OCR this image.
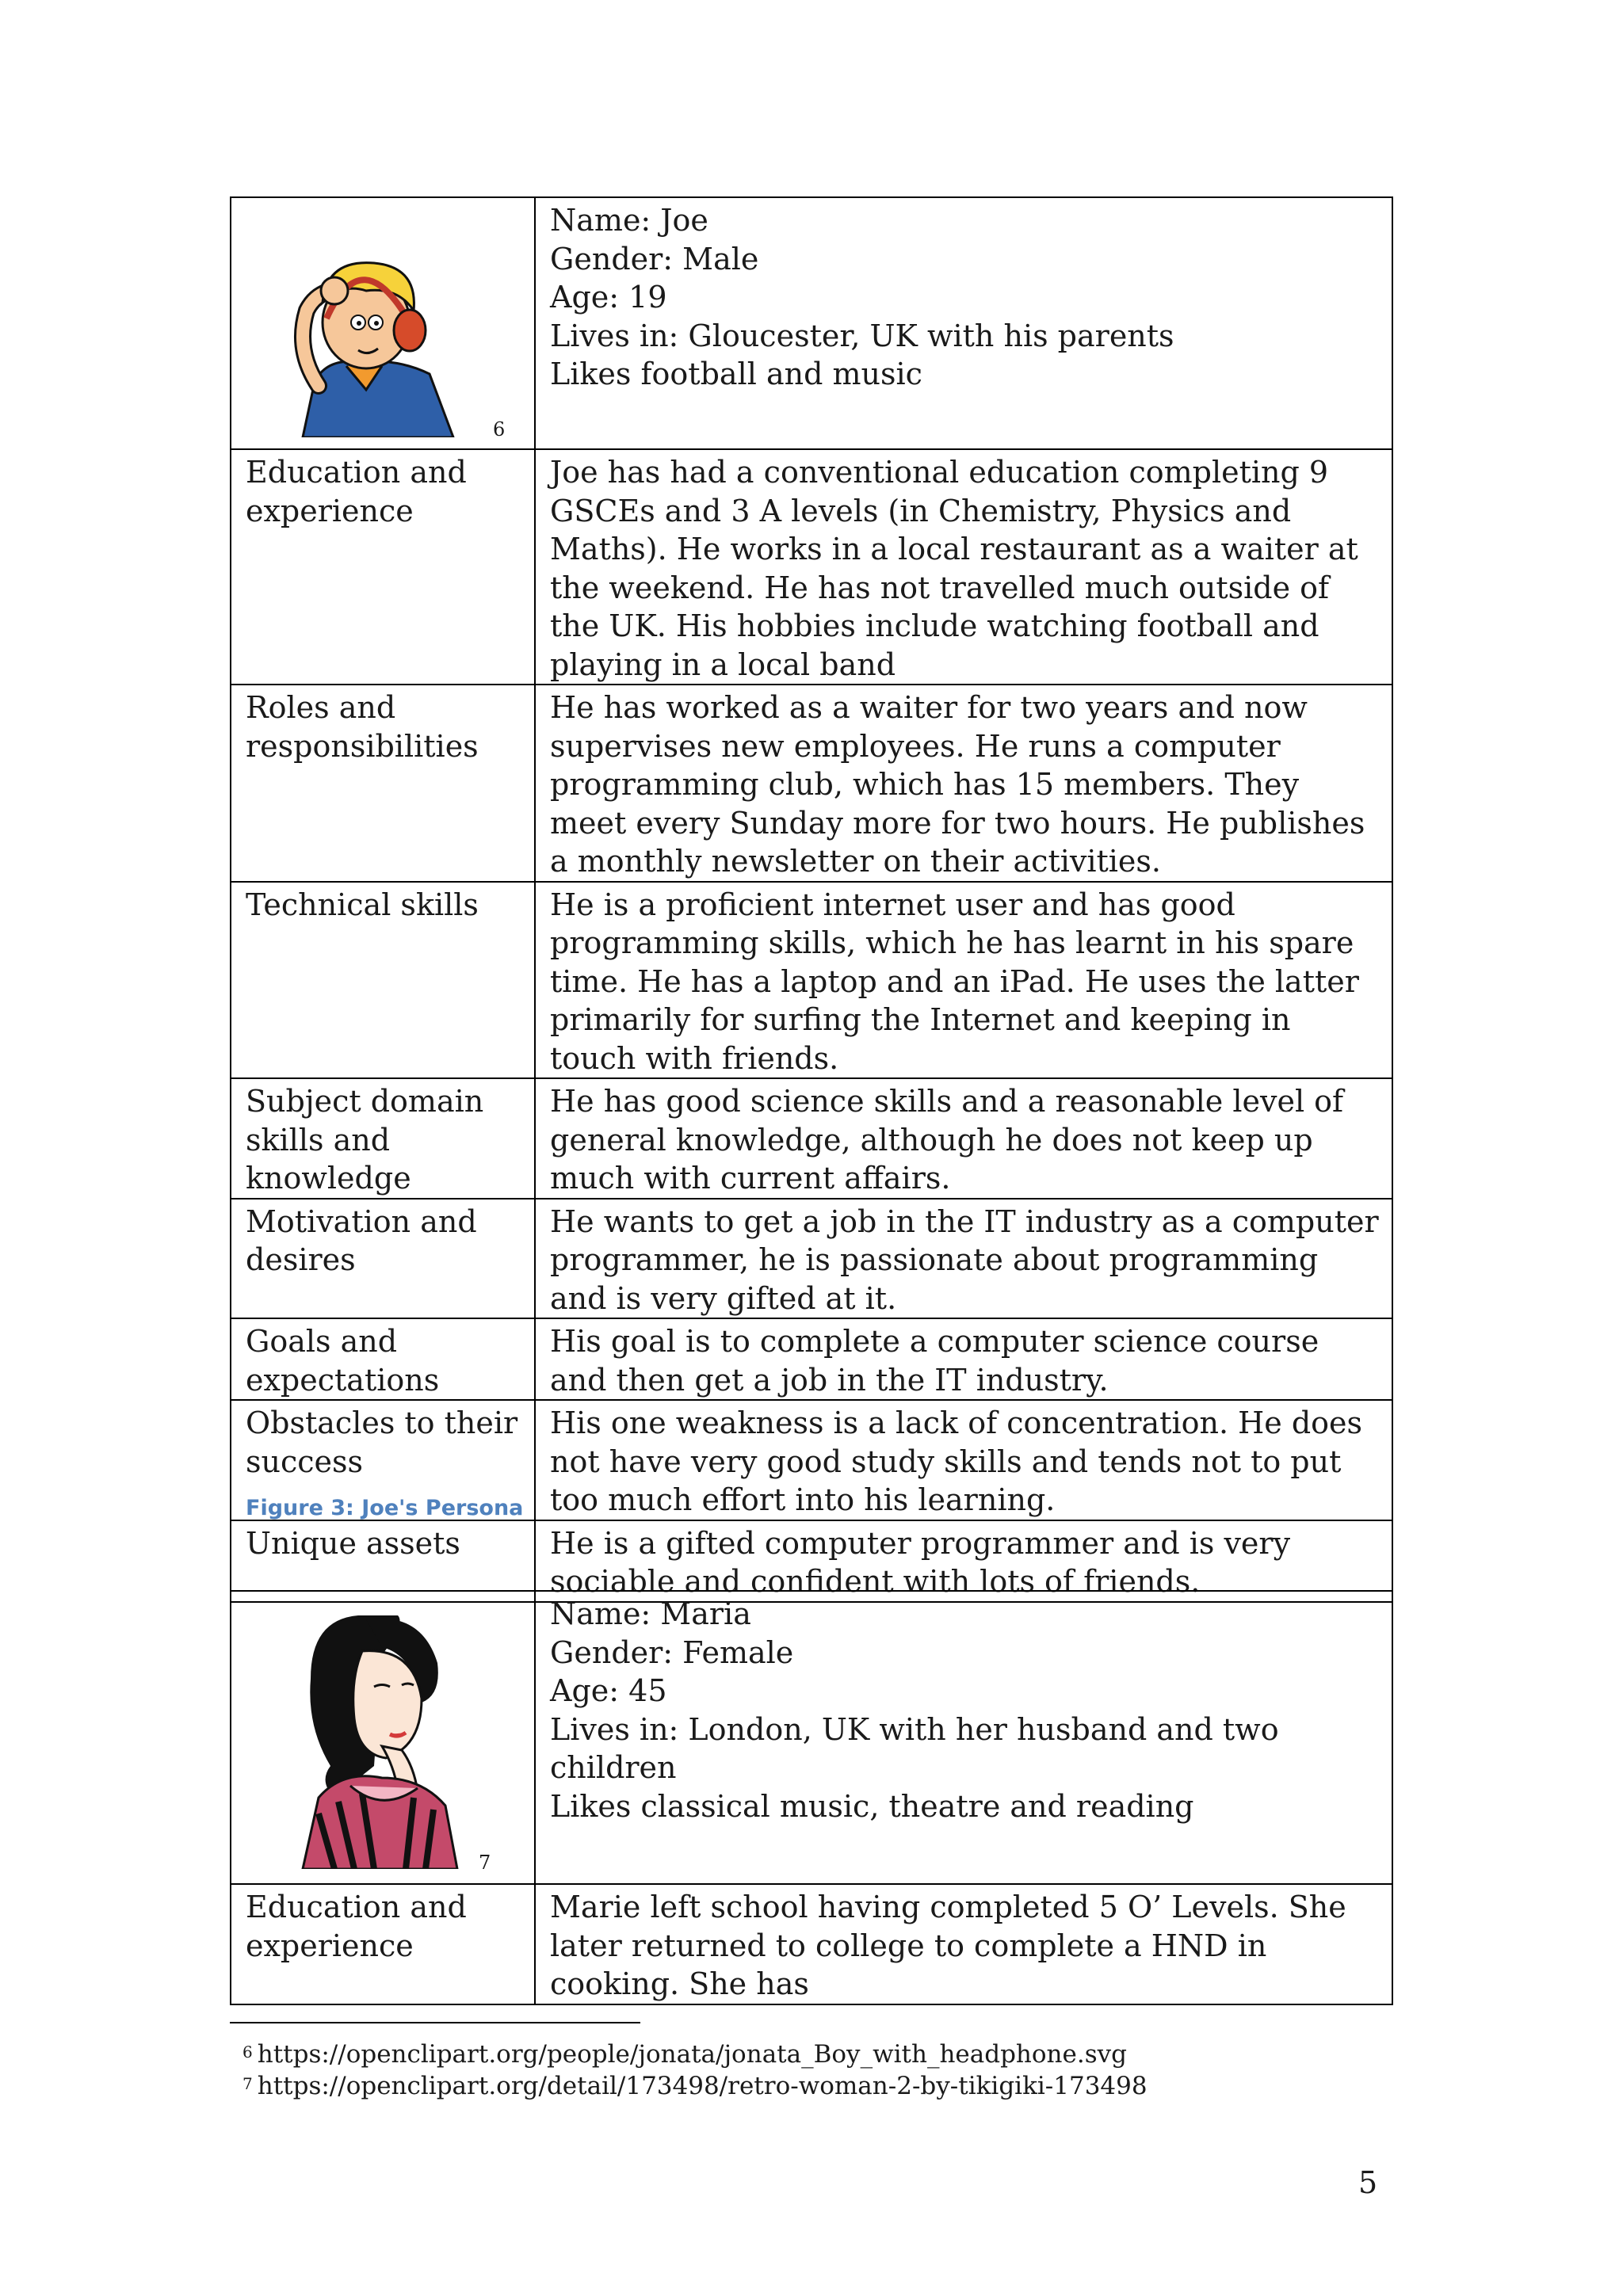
6	Name: Joe
Gender: Male
Age: 19
Lives in: Gloucester, UK with his parents
Likes football and music
Education and experience	Joe has had a conventional education completing 9 GSCEs and 3 A levels (in Chemistry, Physics and Maths). He works in a local restaurant as a waiter at the weekend. He has not travelled much outside of the UK. His hobbies include watching football and playing in a local band
Roles and responsibilities	He has worked as a waiter for two years and now supervises new employees. He runs a computer programming club, which has 15 members. They meet every Sunday more for two hours. He publishes a monthly newsletter on their activities.
Technical skills	He is a proficient internet user and has good programming skills, which he has learnt in his spare time. He has a laptop and an iPad. He uses the latter primarily for surfing the Internet and keeping in touch with friends.
Subject domain skills and knowledge	He has good science skills and a reasonable level of general knowledge, although he does not keep up much with current affairs.
Motivation and desires	He wants to get a job in the IT industry as a computer programmer, he is passionate about programming and is very gifted at it.
Goals and expectations	His goal is to complete a computer science course and then get a job in the IT industry.
Obstacles to their success	His one weakness is a lack of concentration. He does not have very good study skills and tends not to put too much effort into his learning.
Unique assets	He is a gifted computer programmer and is very sociable and confident with lots of friends.
Figure 3: Joe's Persona

7	Name: Maria
Gender: Female
Age: 45
Lives in: London, UK with her husband and two children
Likes classical music, theatre and reading
Education and experience	Marie left school having completed 5 O’ Levels. She later returned to college to complete a HND in cooking. She has
$^6$ https://openclipart.org/people/jonata/jonata_Boy_with_headphone.svg
$^7$ https://openclipart.org/detail/173498/retro-woman-2-by-tikigiki-173498
5
